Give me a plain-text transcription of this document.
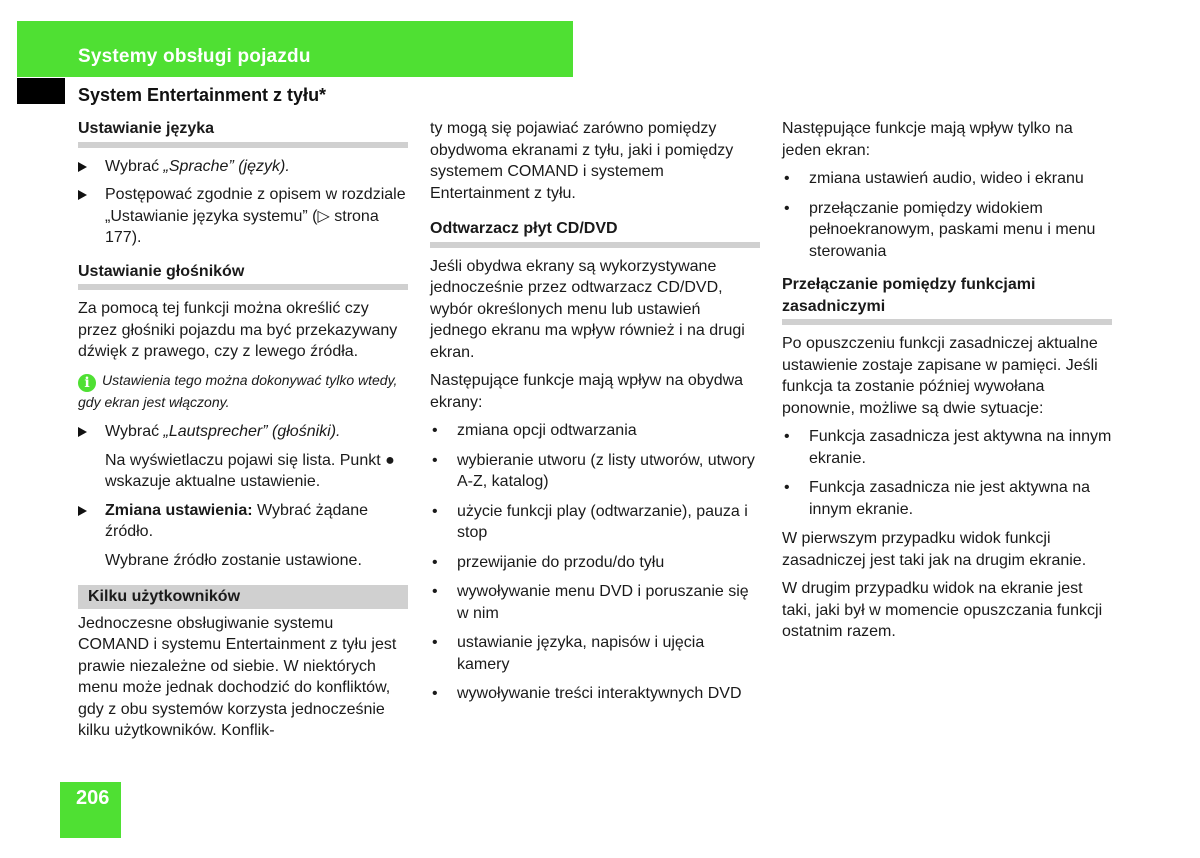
Systemy obsługi pojazdu
System Entertainment z tyłu*
Ustawianie języka
Wybrać „Sprache” (język).
Postępować zgodnie z opisem w rozdziale „Ustawianie języka systemu” (▷ strona 177).
Ustawianie głośników

Za pomocą tej funkcji można określić czy przez głośniki pojazdu ma być przekazywany dźwięk z prawego, czy z lewego źródła.

i Ustawienia tego można dokonywać tylko wtedy, gdy ekran jest włączony.
Wybrać „Lautsprecher” (głośniki).
Na wyświetlaczu pojawi się lista. Punkt ● wskazuje aktualne ustawienie.
Zmiana ustawienia: Wybrać żądane źródło.
Wybrane źródło zostanie ustawione.
Kilku użytkowników

Jednoczesne obsługiwanie systemu COMAND i systemu Entertainment z tyłu jest prawie niezależne od siebie. W niektórych menu może jednak dochodzić do konfliktów, gdy z obu systemów korzysta jednocześnie kilku użytkowników. Konflik-

ty mogą się pojawiać zarówno pomiędzy obydwoma ekranami z tyłu, jaki i pomiędzy systemem COMAND i systemem Entertainment z tyłu.

Odtwarzacz płyt CD/DVD

Jeśli obydwa ekrany są wykorzystywane jednocześnie przez odtwarzacz CD/DVD, wybór określonych menu lub ustawień jednego ekranu ma wpływ również i na drugi ekran.

Następujące funkcje mają wpływ na obydwa ekrany:

• zmiana opcji odtwarzania
• wybieranie utworu (z listy utworów, utwory A-Z, katalog)
• użycie funkcji play (odtwarzanie), pauza i stop
• przewijanie do przodu/do tyłu
• wywoływanie menu DVD i poruszanie się w nim
• ustawianie języka, napisów i ujęcia kamery
• wywoływanie treści interaktywnych DVD

Następujące funkcje mają wpływ tylko na jeden ekran:

• zmiana ustawień audio, wideo i ekranu
• przełączanie pomiędzy widokiem pełnoekranowym, paskami menu i menu sterowania
Przełączanie pomiędzy funkcjami zasadniczymi

Po opuszczeniu funkcji zasadniczej aktualne ustawienie zostaje zapisane w pamięci. Jeśli funkcja ta zostanie później wywołana ponownie, możliwe są dwie sytuacje:

• Funkcja zasadnicza jest aktywna na innym ekranie.
• Funkcja zasadnicza nie jest aktywna na innym ekranie.

W pierwszym przypadku widok funkcji zasadniczej jest taki jak na drugim ekranie.

W drugim przypadku widok na ekranie jest taki, jaki był w momencie opuszczania funkcji ostatnim razem.

206
